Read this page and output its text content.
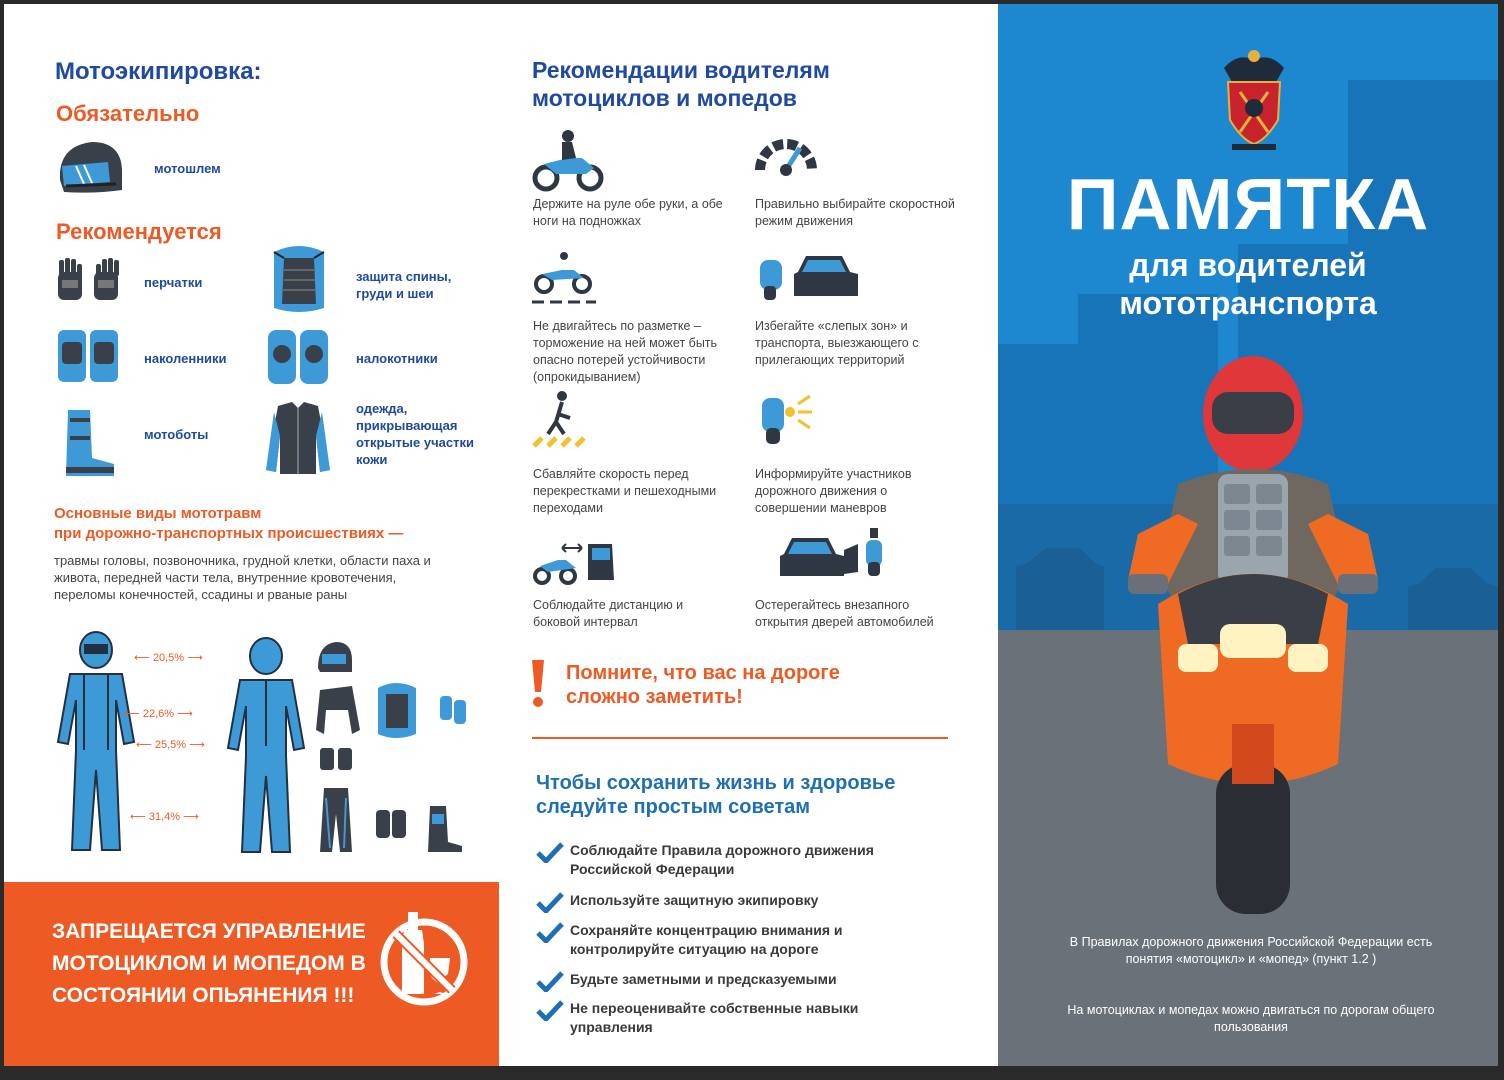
Мотоэкипировка:
Обязательно
мотошлем
Рекомендуется
перчатки	защита спины, груди и шеи
наколенники	налокотники
мотоботы
одежда, прикрывающая открытые участки кожи
Основные виды мототравм
при дорожно-транспортных происшествиях —
травмы головы, позвоночника, грудной клетки, области паха и живота, передней части тела, внутренние кровотечения, переломы конечностей, ссадины и рваные раны
⟵ 20,5% ⟶
⟵ 22,6% ⟶
⟵ 25,5% ⟶
⟵ 31,4% ⟶
ЗАПРЕЩАЕТСЯ УПРАВЛЕНИЕ МОТОЦИКЛОМ И МОПЕДОМ В СОСТОЯНИИ ОПЬЯНЕНИЯ !!!
Рекомендации водителям мотоциклов и мопедов
Держите на руле обе руки, а обе ноги на подножках
Правильно выбирайте скоростной режим движения
Не двигайтесь по разметке – торможение на ней может быть опасно потерей устойчивости (опрокидыванием)
Избегайте «слепых зон» и транспорта, выезжающего с прилегающих территорий
Сбавляйте скорость перед перекрестками и пешеходными переходами
Информируйте участников дорожного движения о совершении маневров
Соблюдайте дистанцию и боковой интервал
Остерегайтесь внезапного открытия дверей автомобилей
Помните, что вас на дороге сложно заметить!
Чтобы сохранить жизнь и здоровье следуйте простым советам
Соблюдайте Правила дорожного движения Российской Федерации
Используйте защитную экипировку
Сохраняйте концентрацию внимания и контролируйте ситуацию на дороге
Будьте заметными и предсказуемыми
Не переоценивайте собственные навыки управления
ПАМЯТКА
для водителей мототранспорта
В Правилах дорожного движения Российской Федерации есть понятия «мотоцикл» и «мопед» (пункт 1.2 )
На мотоциклах и мопедах можно двигаться по дорогам общего пользования
